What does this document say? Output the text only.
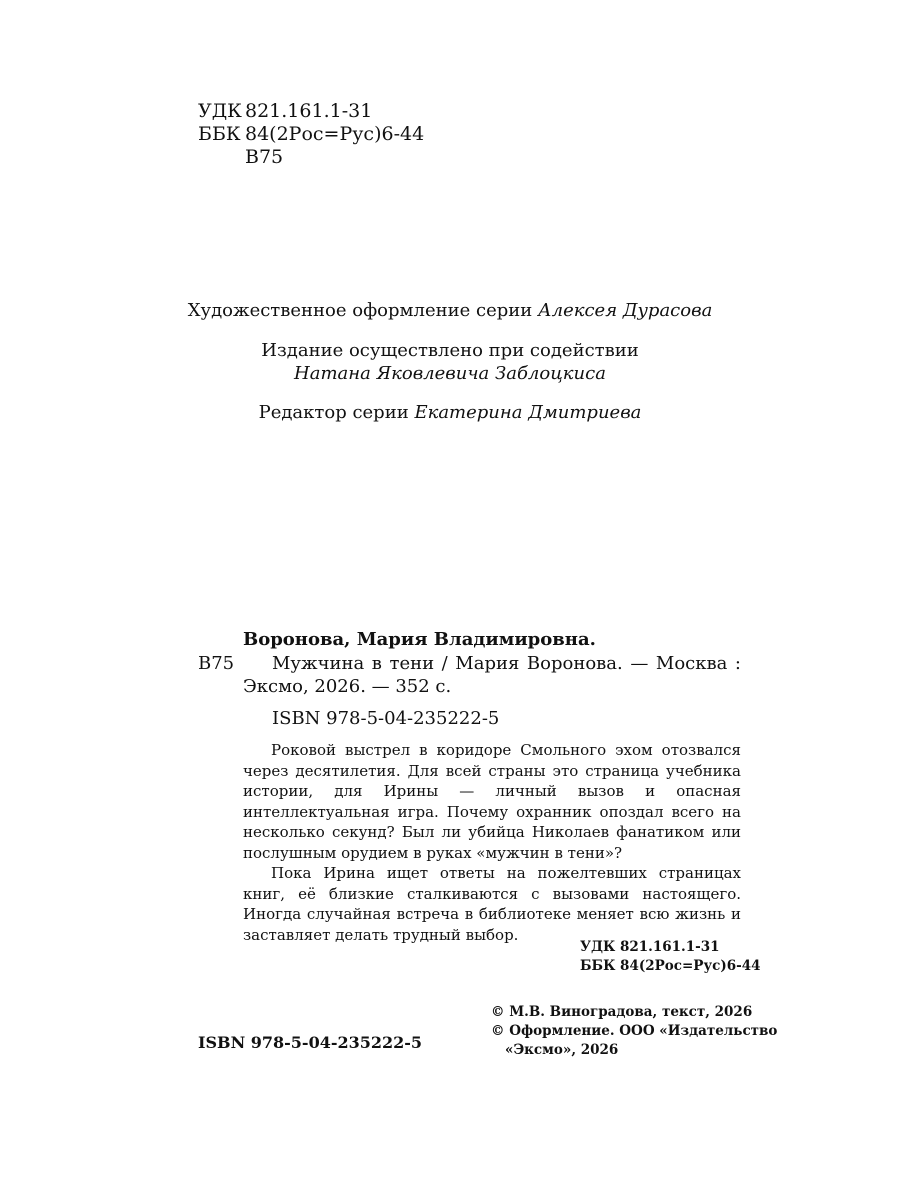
УДК 821.161.1-31
ББК 84(2Рос=Рус)6-44
В75

Художественное оформление серии Алексея Дурасова

Издание осуществлено при содействии

Натана Яковлевича Заблоцкиса

Редактор серии Екатерина Дмитриева

Воронова, Мария Владимировна.
В75 Мужчина в тени / Мария Воронова. — Москва :
Эксмо, 2026. — 352 с.
ISBN 978-5-04-235222-5

Роковой выстрел в коридоре Смольного эхом отозвался через десятилетия. Для всей страны это страница учебника истории, для Ирины — личный вызов и опасная интеллектуальная игра. Почему охранник опоздал всего на несколько секунд? Был ли убийца Николаев фанатиком или послушным орудием в руках «мужчин в тени»?

Пока Ирина ищет ответы на пожелтевших страницах книг, её близкие сталкиваются с вызовами настоящего. Иногда случайная встреча в библиотеке меняет всю жизнь и заставляет делать трудный выбор.

УДК 821.161.1-31
ББК 84(2Рос=Рус)6-44
ISBN 978-5-04-235222-5
© М.В. Виноградова, текст, 2026
© Оформление. ООО «Издательство
«Эксмо», 2026
